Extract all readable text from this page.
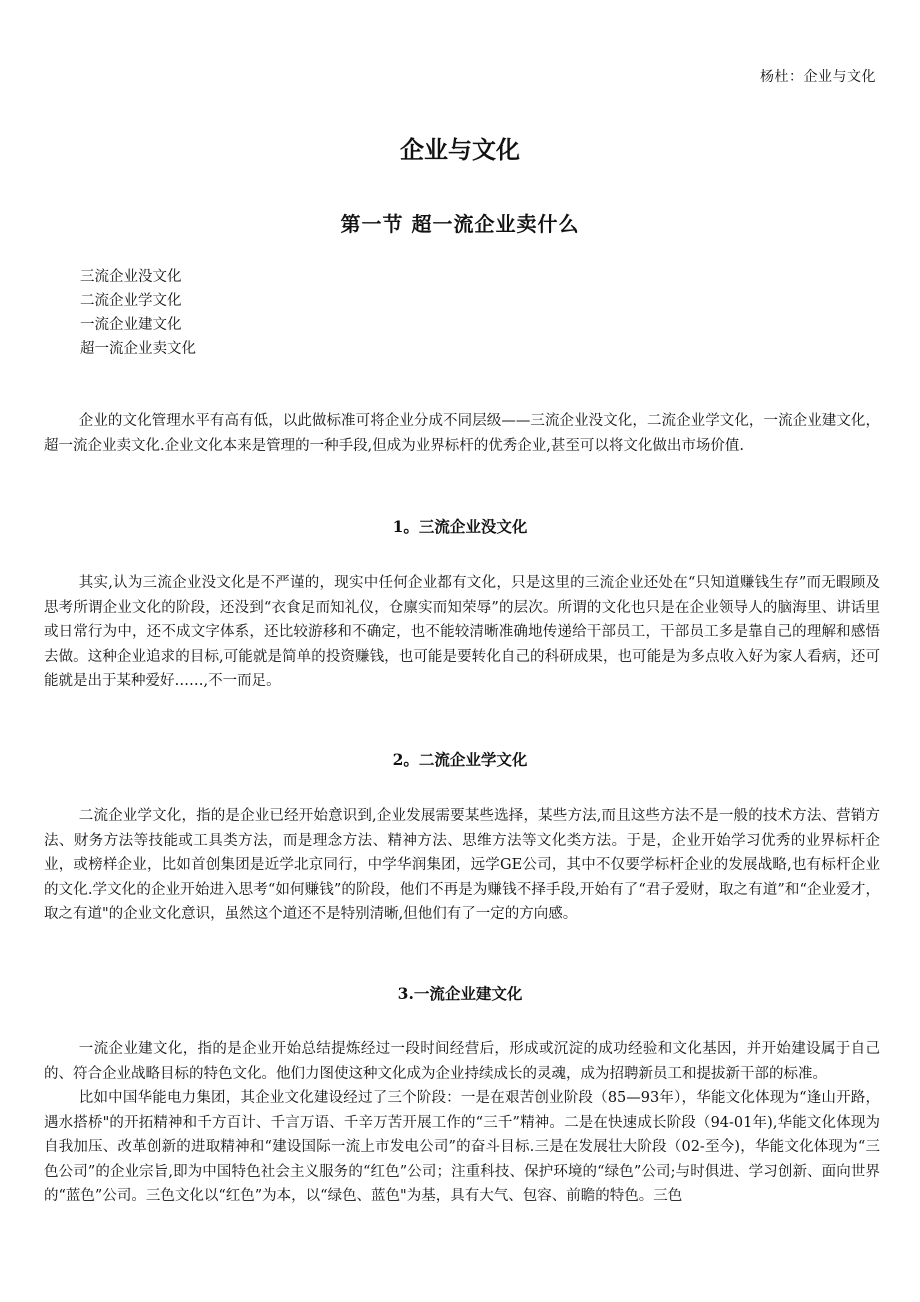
杨杜：企业与文化
企业与文化
第一节 超一流企业卖什么
三流企业没文化
二流企业学文化
一流企业建文化
超一流企业卖文化

企业的文化管理水平有高有低，以此做标准可将企业分成不同层级——三流企业没文化，二流企业学文化，一流企业建文化，超一流企业卖文化.企业文化本来是管理的一种手段,但成为业界标杆的优秀企业,甚至可以将文化做出市场价值.

1。三流企业没文化

其实,认为三流企业没文化是不严谨的，现实中任何企业都有文化，只是这里的三流企业还处在“只知道赚钱生存”而无暇顾及思考所谓企业文化的阶段，还没到“衣食足而知礼仪，仓廪实而知荣辱”的层次。所谓的文化也只是在企业领导人的脑海里、讲话里或日常行为中，还不成文字体系，还比较游移和不确定，也不能较清晰准确地传递给干部员工，干部员工多是靠自己的理解和感悟去做。这种企业追求的目标,可能就是简单的投资赚钱，也可能是要转化自己的科研成果，也可能是为多点收入好为家人看病，还可能就是出于某种爱好……,不一而足。

2。二流企业学文化

二流企业学文化，指的是企业已经开始意识到,企业发展需要某些选择，某些方法,而且这些方法不是一般的技术方法、营销方法、财务方法等技能或工具类方法，而是理念方法、精神方法、思维方法等文化类方法。于是，企业开始学习优秀的业界标杆企业，或榜样企业，比如首创集团是近学北京同行，中学华润集团，远学GE公司，其中不仅要学标杆企业的发展战略,也有标杆企业的文化.学文化的企业开始进入思考“如何赚钱”的阶段，他们不再是为赚钱不择手段,开始有了“君子爱财，取之有道”和“企业爱才，取之有道"的企业文化意识，虽然这个道还不是特别清晰,但他们有了一定的方向感。

3.一流企业建文化

一流企业建文化，指的是企业开始总结提炼经过一段时间经营后，形成或沉淀的成功经验和文化基因，并开始建设属于自己的、符合企业战略目标的特色文化。他们力图使这种文化成为企业持续成长的灵魂，成为招聘新员工和提拔新干部的标准。

比如中国华能电力集团，其企业文化建设经过了三个阶段：一是在艰苦创业阶段（85—93年），华能文化体现为“逢山开路，遇水搭桥"的开拓精神和千方百计、千言万语、千辛万苦开展工作的“三千”精神。二是在快速成长阶段（94-01年),华能文化体现为自我加压、改革创新的进取精神和“建设国际一流上市发电公司”的奋斗目标.三是在发展壮大阶段（02-至今)，华能文化体现为“三色公司”的企业宗旨,即为中国特色社会主义服务的“红色”公司；注重科技、保护环境的“绿色”公司;与时俱进、学习创新、面向世界的“蓝色”公司。三色文化以“红色”为本，以“绿色、蓝色"为基，具有大气、包容、前瞻的特色。三色
